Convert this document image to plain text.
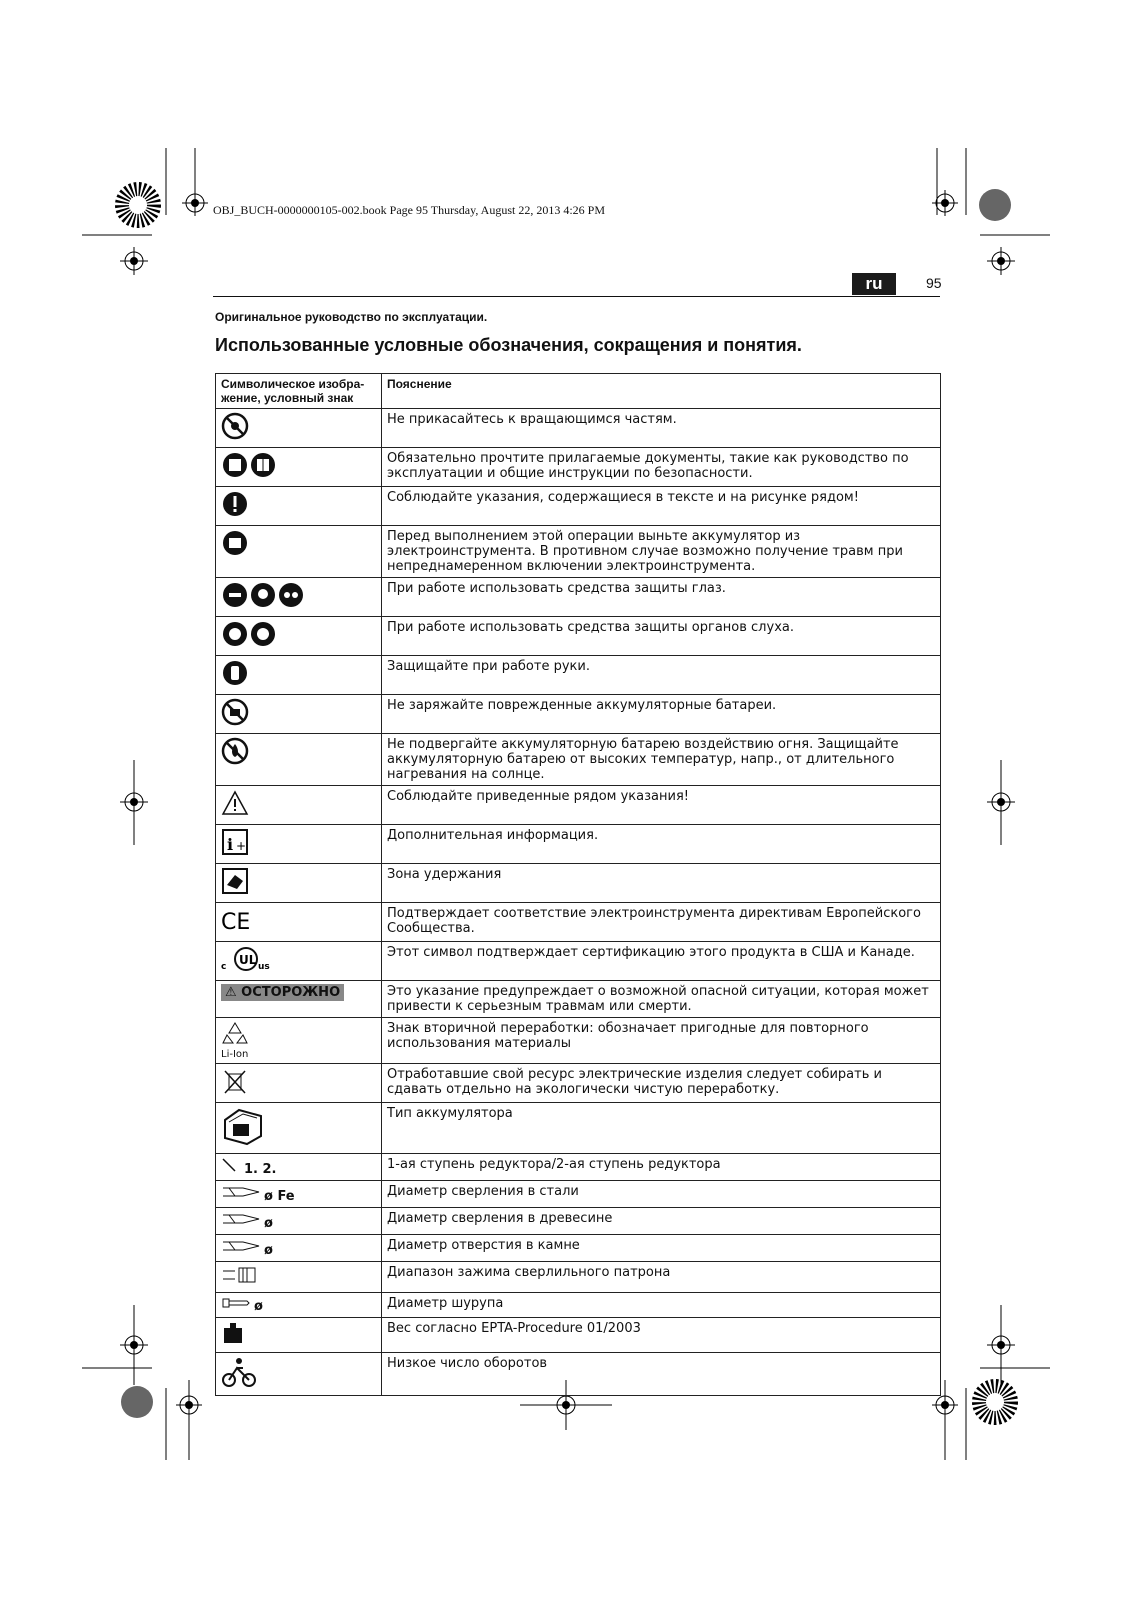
OBJ_BUCH-0000000105-002.book Page 95 Thursday, August 22, 2013 4:26 PM
ru	95
Оригинальное руководство по эксплуатации.
Использованные условные обозначения, сокращения и понятия.
Символическое изобра-жение, условный знак	Пояснение
	Не прикасайтесь к вращающимся частям.
	Обязательно прочтите прилагаемые документы, такие как руководство по эксплуатации и общие инструкции по безопасности.
	Соблюдайте указания, содержащиеся в тексте и на рисунке рядом!
	Перед выполнением этой операции выньте аккумулятор из электроинструмента. В противном случае возможно получение травм при непреднамеренном включении электроинструмента.
	При работе использовать средства защиты глаз.
	При работе использовать средства защиты органов слуха.
	Защищайте при работе руки.
	Не заряжайте поврежденные аккумуляторные батареи.
	Не подвергайте аккумуляторную батарею воздействию огня. Защищайте аккумуляторную батарею от высоких температур, напр., от длительного нагревания на солнце.
	Соблюдайте приведенные рядом указания!

i +	Дополнительная информация.
	Зона удержания

CE	Подтверждает соответствие электроинструмента директивам Европейского Сообщества.

c UL us	Этот символ подтверждает сертификацию этого продукта в США и Канаде.
⚠ ОСТОРОЖНО	Это указание предупреждает о возможной опасной ситуации, которая может привести к серьезным травмам или смерти.

Li-Ion	Знак вторичной переработки: обозначает пригодные для повторного использования материалы
	Отработавшие свой ресурс электрические изделия следует собирать и сдавать отдельно на экологически чистую переработку.
	Тип аккумулятора
1. 2.	1-ая ступень редуктора/2-ая ступень редуктора
ø Fe	Диаметр сверления в стали
ø	Диаметр сверления в древесине
ø	Диаметр отверстия в камне
	Диапазон зажима сверлильного патрона
ø	Диаметр шурупа
	Вес согласно EPTA-Procedure 01/2003
	Низкое число оборотов
